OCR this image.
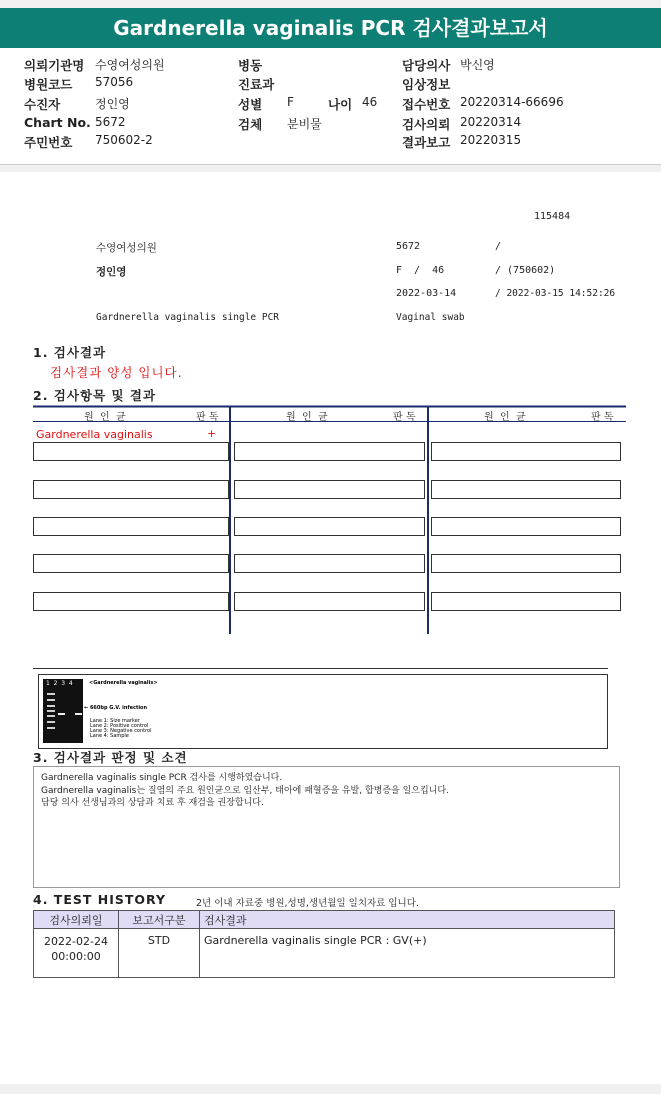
Gardnerella vaginalis PCR 검사결과보고서
의뢰기관명 수영여성의원
병원코드 57056
수진자	정인영
Chart No. 5672
주민번호 750602-2
병동
진료과
성별 F	나이 46
검체 분비물
담당의사 박신영
임상정보
접수번호 20220314-66696
검사의뢰 20220314
결과보고 20220315
115484
수영여성의원	5672	/
정인영	F  /  46	/ (750602)
2022-03-14	/ 2022-03-15 14:52:26
Gardnerella vaginalis single PCR	Vaginal swab
1. 검사결과
검사결과 양성 입니다.
2. 검사항목 및 결과
원  인  균	판 독	원  인  균	판 독	원  인  균	판 독
Gardnerella vaginalis	+
1  2  3  4	<Gardnerella vaginalis>
← 660bp G.V. infection
Lane 1: Size marker
Lane 2: Positive control
Lane 3: Negative control
Lane 4: Sample
3. 검사결과 판정 및 소견
Gardnerella vaginalis single PCR 검사를 시행하였습니다.
Gardnerella vaginalis는 질염의 주요 원인균으로 임산부, 태아에 패혈증을 유발, 합병증을 일으킵니다.
담당 의사 선생님과의 상담과 치료 후 재검을 권장합니다.
4. TEST HISTORY	2년 이내 자료중 병원,성명,생년월일 일치자료 입니다.
검사의뢰일	보고서구분	검사결과

2022-02-24
00:00:00	STD	Gardnerella vaginalis single PCR : GV(+)
